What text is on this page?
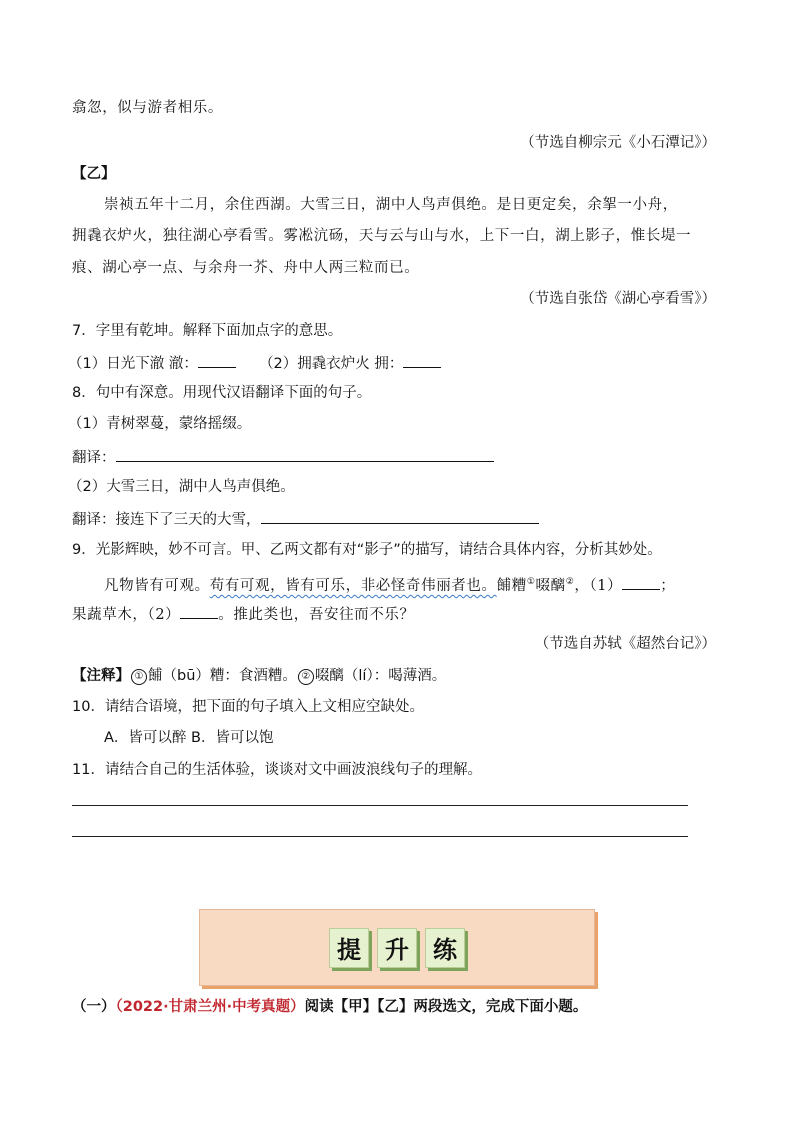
翕忽，似与游者相乐。
（节选自柳宗元《小石潭记》）
【乙】
崇祯五年十二月，余住西湖。大雪三日，湖中人鸟声俱绝。是日更定矣，余挐一小舟，
拥毳衣炉火，独往湖心亭看雪。雾凇沆砀，天与云与山与水，上下一白，湖上影子，惟长堤一
痕、湖心亭一点、与余舟一芥、舟中人两三粒而已。
（节选自张岱《湖心亭看雪》）
7．字里有乾坤。解释下面加点字的意思。
（1）日光下澈 澈：	（2）拥毳衣炉火 拥：
8．句中有深意。用现代汉语翻译下面的句子。
（1）青树翠蔓，蒙络摇缀。
翻译：
（2）大雪三日，湖中人鸟声俱绝。
翻译：接连下了三天的大雪，
9．光影辉映，妙不可言。甲、乙两文都有对“影子”的描写，请结合具体内容，分析其妙处。
凡物皆有可观。苟有可观，皆有可乐，非必怪奇伟丽者也。餔糟①啜醨②，（1）	；
果蔬草木，（2）	。推此类也，吾安往而不乐？
（节选自苏轼《超然台记》）
【注释】 ① 餔（bū）糟：食酒糟。 ② 啜醨（lí）：喝薄酒。
10．请结合语境，把下面的句子填入上文相应空缺处。
A．皆可以醉 B．皆可以饱
11．请结合自己的生活体验，谈谈对文中画波浪线句子的理解。
提	升	练
（一）（2022·甘肃兰州·中考真题）阅读【甲】【乙】两段选文，完成下面小题。
